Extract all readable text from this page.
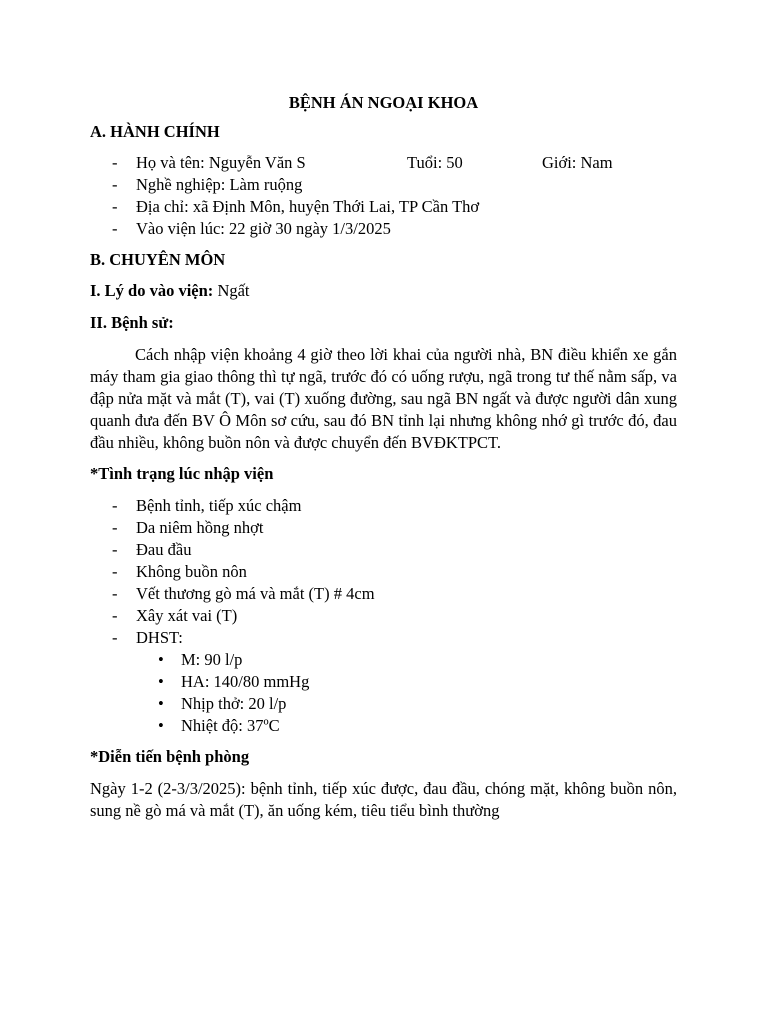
BỆNH ÁN NGOẠI KHOA
A. HÀNH CHÍNH
- Họ và tên: Nguyễn Văn S	Tuổi: 50	Giới: Nam
- Nghề nghiệp: Làm ruộng
- Địa chỉ: xã Định Môn, huyện Thới Lai, TP Cần Thơ
- Vào viện lúc: 22 giờ 30 ngày 1/3/2025
B. CHUYÊN MÔN
I. Lý do vào viện: Ngất
II. Bệnh sử:

Cách nhập viện khoảng 4 giờ theo lời khai của người nhà, BN điều khiển xe gắn máy tham gia giao thông thì tự ngã, trước đó có uống rượu, ngã trong tư thế nằm sấp, va đập nửa mặt và mắt (T), vai (T) xuống đường, sau ngã BN ngất và được người dân xung quanh đưa đến BV Ô Môn sơ cứu, sau đó BN tỉnh lại nhưng không nhớ gì trước đó, đau đầu nhiều, không buồn nôn và được chuyển đến BVĐKTPCT.

*Tình trạng lúc nhập viện
- Bệnh tỉnh, tiếp xúc chậm
- Da niêm hồng nhợt
- Đau đầu
- Không buồn nôn
- Vết thương gò má và mắt (T) # 4cm
- Xây xát vai (T)
- DHST:
• M: 90 l/p
• HA: 140/80 mmHg
• Nhịp thở: 20 l/p
• Nhiệt độ: 37ºC
*Diễn tiến bệnh phòng

Ngày 1-2 (2-3/3/2025): bệnh tỉnh, tiếp xúc được, đau đầu, chóng mặt, không buồn nôn, sung nề gò má và mắt (T), ăn uống kém, tiêu tiểu bình thường
